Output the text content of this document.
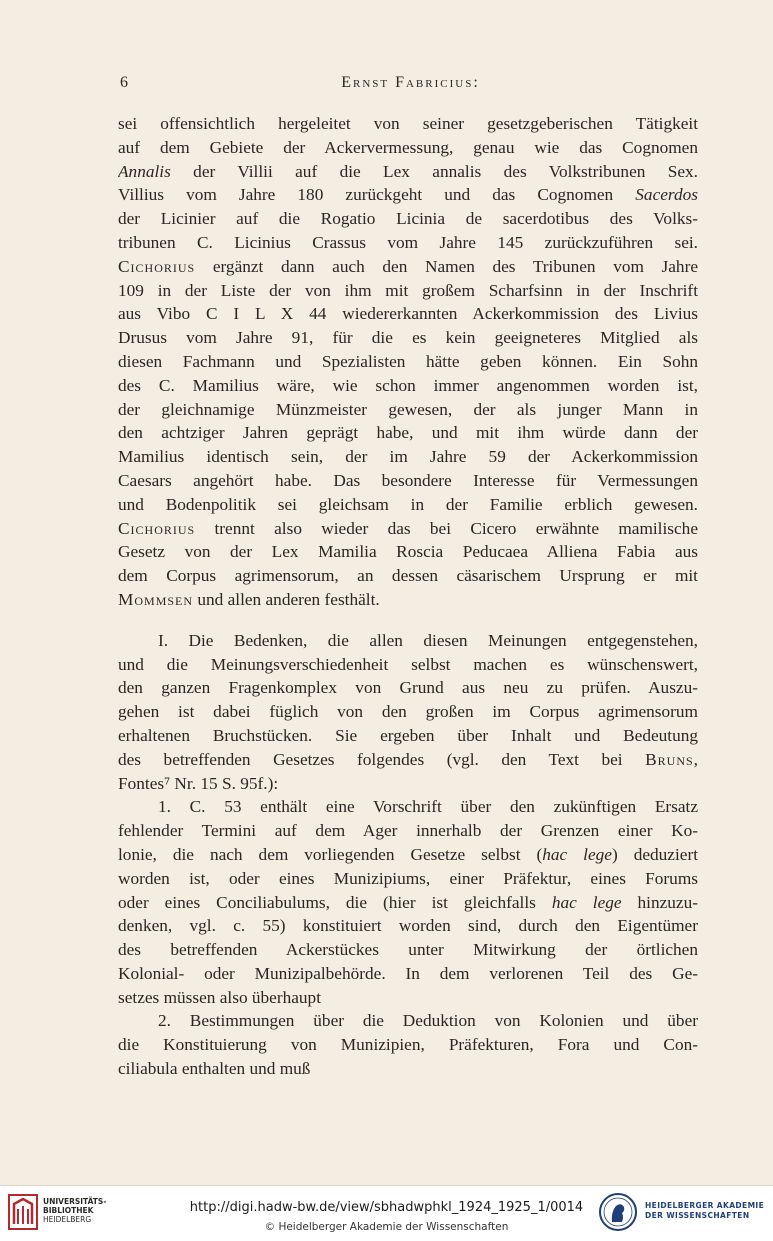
6	Ernst Fabricius:
sei offensichtlich hergeleitet von seiner gesetzgeberischen Tätigkeit
auf dem Gebiete der Ackervermessung, genau wie das Cognomen
Annalis der Villii auf die Lex annalis des Volkstribunen Sex.
Villius vom Jahre 180 zurückgeht und das Cognomen Sacerdos
der Licinier auf die Rogatio Licinia de sacerdotibus des Volks-
tribunen C. Licinius Crassus vom Jahre 145 zurückzuführen sei.
Cichorius ergänzt dann auch den Namen des Tribunen vom Jahre
109 in der Liste der von ihm mit großem Scharfsinn in der Inschrift
aus Vibo C I L X 44 wiedererkannten Ackerkommission des Livius
Drusus vom Jahre 91, für die es kein geeigneteres Mitglied als
diesen Fachmann und Spezialisten hätte geben können. Ein Sohn
des C. Mamilius wäre, wie schon immer angenommen worden ist,
der gleichnamige Münzmeister gewesen, der als junger Mann in
den achtziger Jahren geprägt habe, und mit ihm würde dann der
Mamilius identisch sein, der im Jahre 59 der Ackerkommission
Caesars angehört habe. Das besondere Interesse für Vermessungen
und Bodenpolitik sei gleichsam in der Familie erblich gewesen.
Cichorius trennt also wieder das bei Cicero erwähnte mamilische
Gesetz von der Lex Mamilia Roscia Peducaea Alliena Fabia aus
dem Corpus agrimensorum, an dessen cäsarischem Ursprung er mit
Mommsen und allen anderen festhält.
I. Die Bedenken, die allen diesen Meinungen entgegenstehen,
und die Meinungsverschiedenheit selbst machen es wünschenswert,
den ganzen Fragenkomplex von Grund aus neu zu prüfen. Auszu-
gehen ist dabei füglich von den großen im Corpus agrimensorum
erhaltenen Bruchstücken. Sie ergeben über Inhalt und Bedeutung
des betreffenden Gesetzes folgendes (vgl. den Text bei Bruns,
Fontes⁷ Nr. 15 S. 95f.):
1. C. 53 enthält eine Vorschrift über den zukünftigen Ersatz
fehlender Termini auf dem Ager innerhalb der Grenzen einer Ko-
lonie, die nach dem vorliegenden Gesetze selbst (hac lege) deduziert
worden ist, oder eines Munizipiums, einer Präfektur, eines Forums
oder eines Conciliabulums, die (hier ist gleichfalls hac lege hinzuzu-
denken, vgl. c. 55) konstituiert worden sind, durch den Eigentümer
des betreffenden Ackerstückes unter Mitwirkung der örtlichen
Kolonial- oder Munizipalbehörde. In dem verlorenen Teil des Ge-
setzes müssen also überhaupt
2. Bestimmungen über die Deduktion von Kolonien und über
die Konstituierung von Munizipien, Präfekturen, Fora und Con-
ciliabula enthalten und muß
UNIVERSITÄTS-
BIBLIOTHEK
HEIDELBERG
http://digi.hadw-bw.de/view/sbhadwphkl_1924_1925_1/0014
© Heidelberger Akademie der Wissenschaften
HEIDELBERGER AKADEMIE
DER WISSENSCHAFTEN
